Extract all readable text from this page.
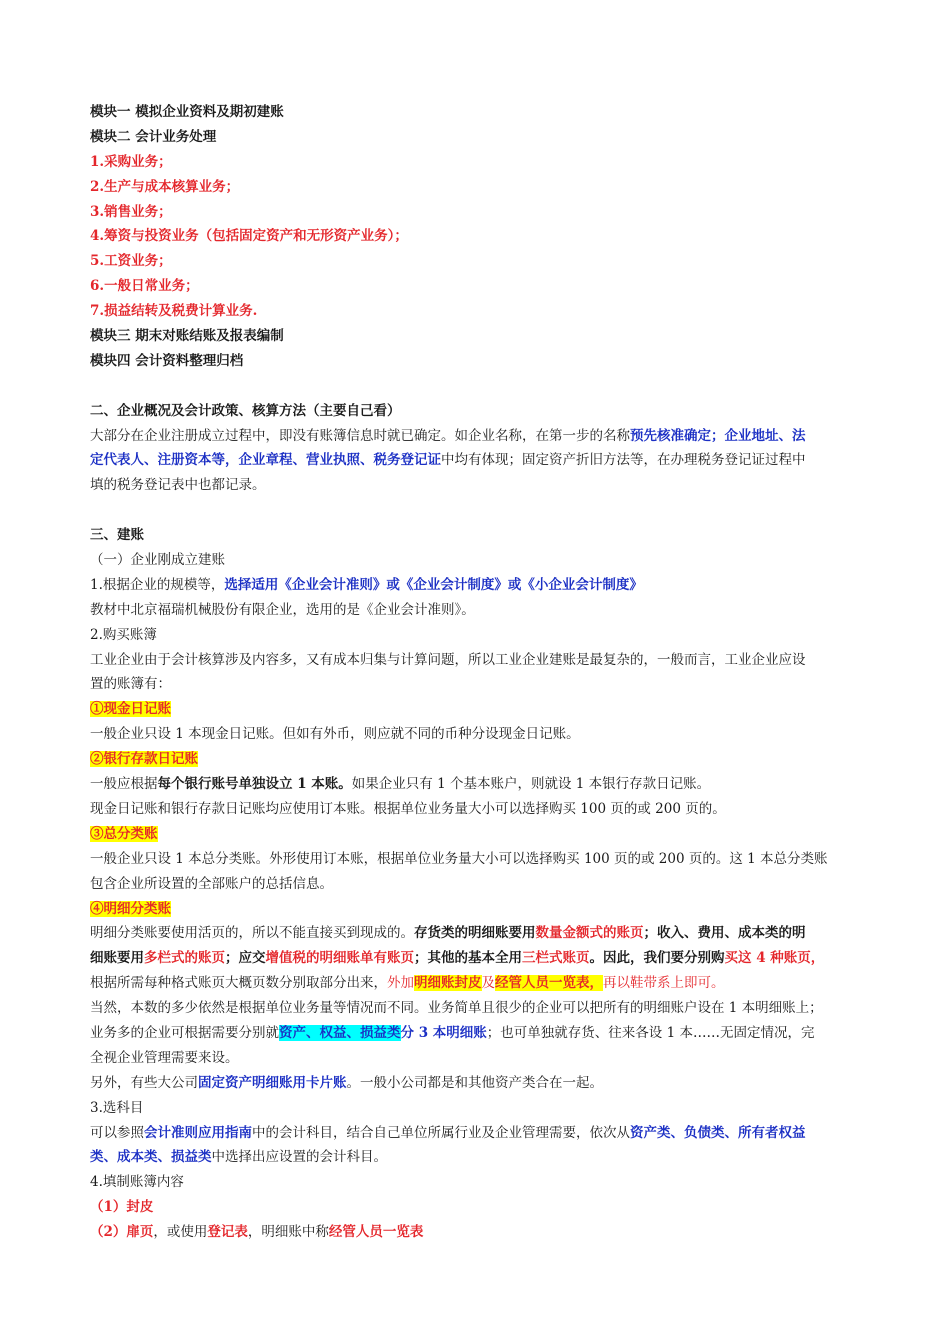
模块一 模拟企业资料及期初建账
模块二 会计业务处理
1.采购业务；
2.生产与成本核算业务；
3.销售业务；
4.筹资与投资业务（包括固定资产和无形资产业务）；
5.工资业务；
6.一般日常业务；
7.损益结转及税费计算业务.
模块三 期末对账结账及报表编制
模块四 会计资料整理归档
二、企业概况及会计政策、核算方法（主要自己看）
大部分在企业注册成立过程中，即没有账簿信息时就已确定。如企业名称，在第一步的名称预先核准确定；企业地址、法
定代表人、注册资本等，企业章程、营业执照、税务登记证中均有体现；固定资产折旧方法等，在办理税务登记证过程中
填的税务登记表中也都记录。
三、建账
（一）企业刚成立建账
1.根据企业的规模等，选择适用《企业会计准则》或《企业会计制度》或《小企业会计制度》
教材中北京福瑞机械股份有限企业，选用的是《企业会计准则》。
2.购买账簿
工业企业由于会计核算涉及内容多，又有成本归集与计算问题，所以工业企业建账是最复杂的，一般而言，工业企业应设
置的账簿有：
①现金日记账
一般企业只设 1 本现金日记账。但如有外币，则应就不同的币种分设现金日记账。
②银行存款日记账
一般应根据每个银行账号单独设立 1 本账。如果企业只有 1 个基本账户，则就设 1 本银行存款日记账。
现金日记账和银行存款日记账均应使用订本账。根据单位业务量大小可以选择购买 100 页的或 200 页的。
③总分类账
一般企业只设 1 本总分类账。外形使用订本账，根据单位业务量大小可以选择购买 100 页的或 200 页的。这 1 本总分类账
包含企业所设置的全部账户的总括信息。
④明细分类账
明细分类账要使用活页的，所以不能直接买到现成的。存货类的明细账要用数量金额式的账页；收入、费用、成本类的明
细账要用多栏式的账页；应交增值税的明细账单有账页；其他的基本全用三栏式账页。因此，我们要分别购买这 4 种账页，
根据所需每种格式账页大概页数分别取部分出来，外加明细账封皮及经管人员一览表，再以鞋带系上即可。
当然，本数的多少依然是根据单位业务量等情况而不同。业务简单且很少的企业可以把所有的明细账户设在 1 本明细账上；
业务多的企业可根据需要分别就资产、权益、损益类分 3 本明细账；也可单独就存货、往来各设 1 本……无固定情况，完
全视企业管理需要来设。
另外，有些大公司固定资产明细账用卡片账。一般小公司都是和其他资产类合在一起。
3.选科目
可以参照会计准则应用指南中的会计科目，结合自己单位所属行业及企业管理需要，依次从资产类、负债类、所有者权益
类、成本类、损益类中选择出应设置的会计科目。
4.填制账簿内容
（1）封皮
（2）扉页，或使用登记表，明细账中称经管人员一览表
